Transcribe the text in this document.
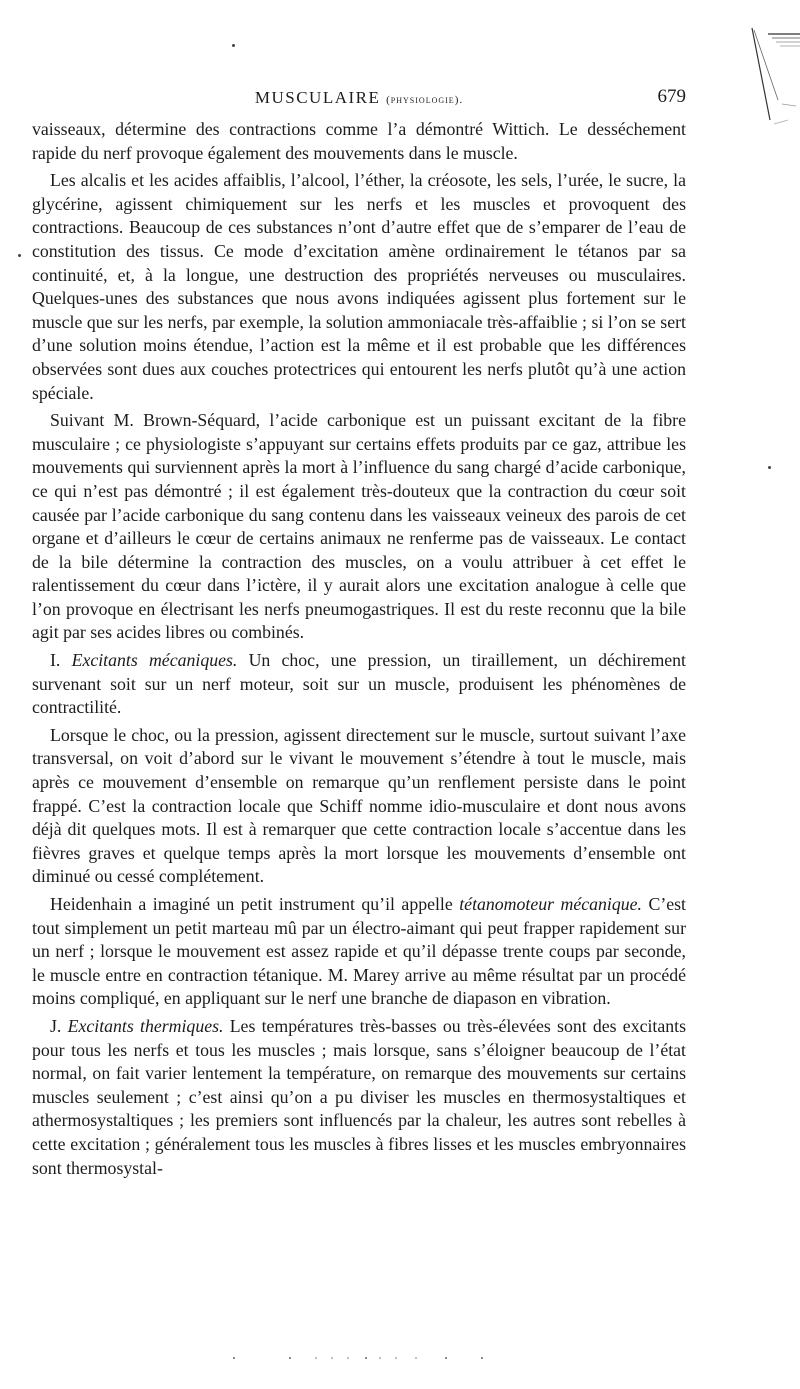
MUSCULAIRE (physiologie).	679

vaisseaux, détermine des contractions comme l’a démontré Wittich. Le desséchement rapide du nerf provoque également des mouvements dans le muscle.

Les alcalis et les acides affaiblis, l’alcool, l’éther, la créosote, les sels, l’urée, le sucre, la glycérine, agissent chimiquement sur les nerfs et les muscles et provoquent des contractions. Beaucoup de ces substances n’ont d’autre effet que de s’emparer de l’eau de constitution des tissus. Ce mode d’excitation amène ordinairement le tétanos par sa continuité, et, à la longue, une destruction des propriétés nerveuses ou musculaires. Quelques-unes des substances que nous avons indiquées agissent plus fortement sur le muscle que sur les nerfs, par exemple, la solution ammoniacale très-affaiblie ; si l’on se sert d’une solution moins étendue, l’action est la même et il est probable que les différences observées sont dues aux couches protectrices qui entourent les nerfs plutôt qu’à une action spéciale.

Suivant M. Brown-Séquard, l’acide carbonique est un puissant excitant de la fibre musculaire ; ce physiologiste s’appuyant sur certains effets produits par ce gaz, attribue les mouvements qui surviennent après la mort à l’influence du sang chargé d’acide carbonique, ce qui n’est pas démontré ; il est également très-douteux que la contraction du cœur soit causée par l’acide carbonique du sang contenu dans les vaisseaux veineux des parois de cet organe et d’ailleurs le cœur de certains animaux ne renferme pas de vaisseaux. Le contact de la bile détermine la contraction des muscles, on a voulu attribuer à cet effet le ralentissement du cœur dans l’ictère, il y aurait alors une excitation analogue à celle que l’on provoque en électrisant les nerfs pneumogastriques. Il est du reste reconnu que la bile agit par ses acides libres ou combinés.

I. Excitants mécaniques. Un choc, une pression, un tiraillement, un déchirement survenant soit sur un nerf moteur, soit sur un muscle, produisent les phénomènes de contractilité.

Lorsque le choc, ou la pression, agissent directement sur le muscle, surtout suivant l’axe transversal, on voit d’abord sur le vivant le mouvement s’étendre à tout le muscle, mais après ce mouvement d’ensemble on remarque qu’un renflement persiste dans le point frappé. C’est la contraction locale que Schiff nomme idio-musculaire et dont nous avons déjà dit quelques mots. Il est à remarquer que cette contraction locale s’accentue dans les fièvres graves et quelque temps après la mort lorsque les mouvements d’ensemble ont diminué ou cessé complétement.

Heidenhain a imaginé un petit instrument qu’il appelle tétanomoteur mécanique. C’est tout simplement un petit marteau mû par un électro-aimant qui peut frapper rapidement sur un nerf ; lorsque le mouvement est assez rapide et qu’il dépasse trente coups par seconde, le muscle entre en contraction tétanique. M. Marey arrive au même résultat par un procédé moins compliqué, en appliquant sur le nerf une branche de diapason en vibration.

J. Excitants thermiques. Les températures très-basses ou très-élevées sont des excitants pour tous les nerfs et tous les muscles ; mais lorsque, sans s’éloigner beaucoup de l’état normal, on fait varier lentement la température, on remarque des mouvements sur certains muscles seulement ; c’est ainsi qu’on a pu diviser les muscles en thermosystaltiques et athermosystaltiques ; les premiers sont influencés par la chaleur, les autres sont rebelles à cette excitation ; généralement tous les muscles à fibres lisses et les muscles embryonnaires sont thermosystal-
